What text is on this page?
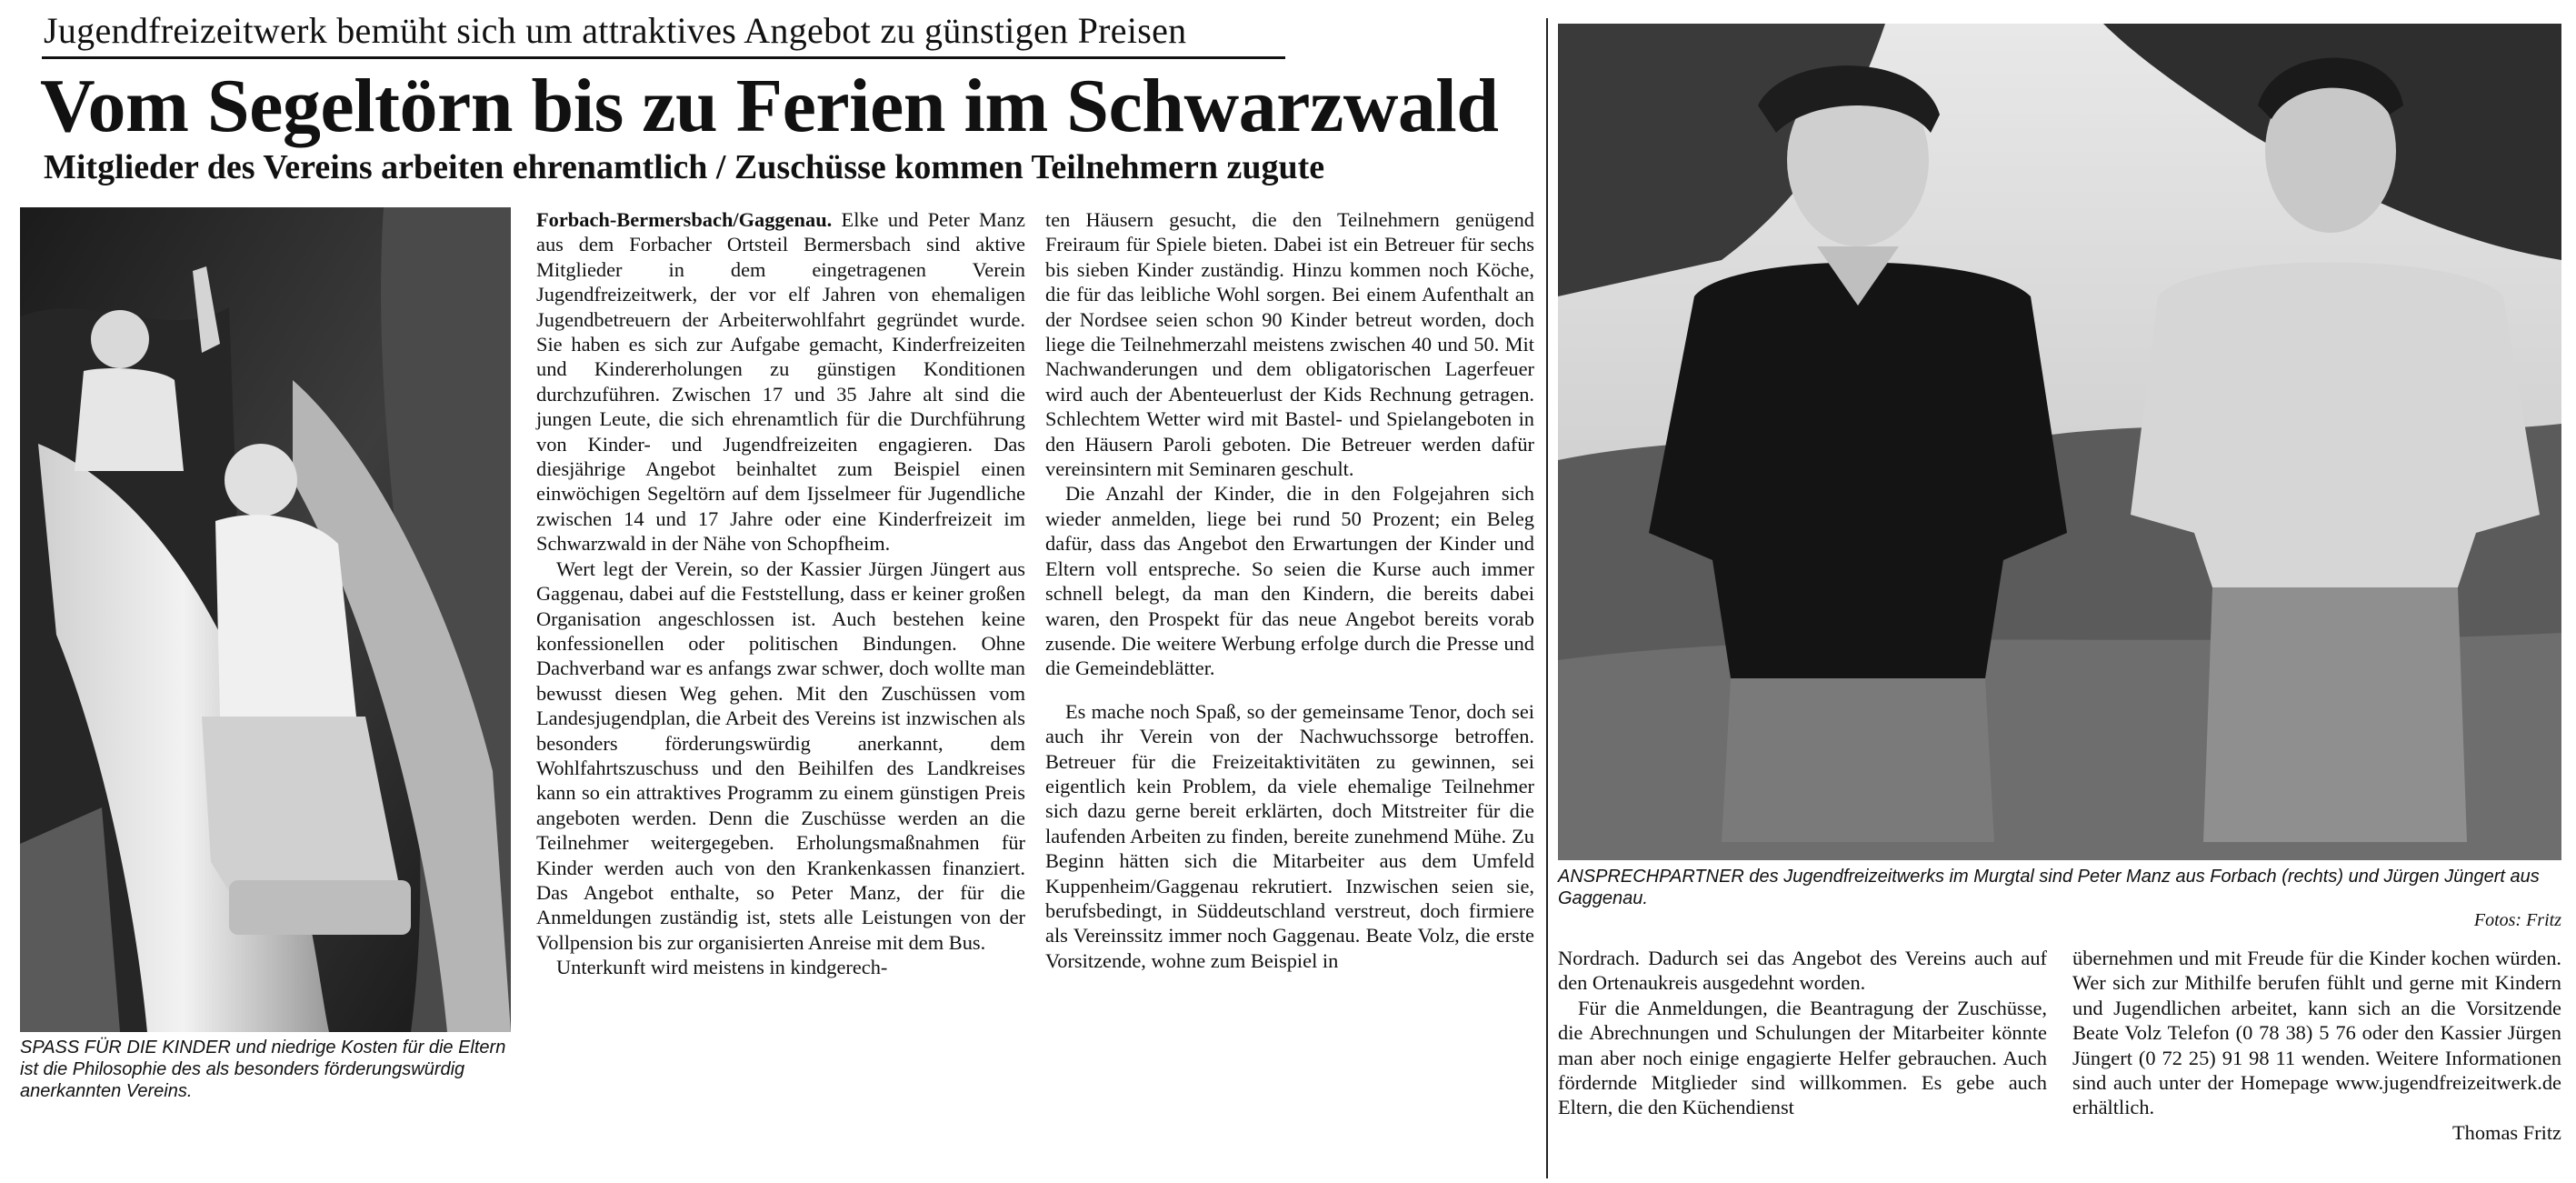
Jugendfreizeitwerk bemüht sich um attraktives Angebot zu günstigen Preisen
Vom Segeltörn bis zu Ferien im Schwarzwald
Mitglieder des Vereins arbeiten ehrenamtlich / Zuschüsse kommen Teilnehmern zugute
SPASS FÜR DIE KINDER und niedrige Kosten für die Eltern ist die Philosophie des als besonders förderungswürdig anerkannten Vereins.

Forbach-Bermersbach/Gaggenau. Elke und Peter Manz aus dem Forbacher Ortsteil Bermersbach sind aktive Mitglieder in dem eingetragenen Verein Jugendfreizeitwerk, der vor elf Jahren von ehemaligen Jugendbetreuern der Arbeiterwohlfahrt gegründet wurde. Sie haben es sich zur Aufgabe gemacht, Kinderfreizeiten und Kindererholungen zu günstigen Konditionen durchzuführen. Zwischen 17 und 35 Jahre alt sind die jungen Leute, die sich ehrenamtlich für die Durchführung von Kinder- und Jugendfreizeiten engagieren. Das diesjährige Angebot beinhaltet zum Beispiel einen einwöchigen Segeltörn auf dem Ijsselmeer für Jugendliche zwischen 14 und 17 Jahre oder eine Kinderfreizeit im Schwarzwald in der Nähe von Schopfheim.

Wert legt der Verein, so der Kassier Jürgen Jüngert aus Gaggenau, dabei auf die Feststellung, dass er keiner großen Organisation angeschlossen ist. Auch bestehen keine konfessionellen oder politischen Bindungen. Ohne Dachverband war es anfangs zwar schwer, doch wollte man bewusst diesen Weg gehen. Mit den Zuschüssen vom Landesjugendplan, die Arbeit des Vereins ist inzwischen als besonders förderungswürdig anerkannt, dem Wohlfahrtszuschuss und den Beihilfen des Landkreises kann so ein attraktives Programm zu einem günstigen Preis angeboten werden. Denn die Zuschüsse werden an die Teilnehmer weitergegeben. Erholungsmaßnahmen für Kinder werden auch von den Krankenkassen finanziert. Das Angebot enthalte, so Peter Manz, der für die Anmeldungen zuständig ist, stets alle Leistungen von der Vollpension bis zur organisierten Anreise mit dem Bus.

Unterkunft wird meistens in kindgerech-

ten Häusern gesucht, die den Teilnehmern genügend Freiraum für Spiele bieten. Dabei ist ein Betreuer für sechs bis sieben Kinder zuständig. Hinzu kommen noch Köche, die für das leibliche Wohl sorgen. Bei einem Aufenthalt an der Nordsee seien schon 90 Kinder betreut worden, doch liege die Teilnehmerzahl meistens zwischen 40 und 50. Mit Nachwanderungen und dem obligatorischen Lagerfeuer wird auch der Abenteuerlust der Kids Rechnung getragen. Schlechtem Wetter wird mit Bastel- und Spielangeboten in den Häusern Paroli geboten. Die Betreuer werden dafür vereinsintern mit Seminaren geschult.

Die Anzahl der Kinder, die in den Folgejahren sich wieder anmelden, liege bei rund 50 Prozent; ein Beleg dafür, dass das Angebot den Erwartungen der Kinder und Eltern voll entspreche. So seien die Kurse auch immer schnell belegt, da man den Kindern, die bereits dabei waren, den Prospekt für das neue Angebot bereits vorab zusende. Die weitere Werbung erfolge durch die Presse und die Gemeindeblätter.

Es mache noch Spaß, so der gemeinsame Tenor, doch sei auch ihr Verein von der Nachwuchssorge betroffen. Betreuer für die Freizeitaktivitäten zu gewinnen, sei eigentlich kein Problem, da viele ehemalige Teilnehmer sich dazu gerne bereit erklärten, doch Mitstreiter für die laufenden Arbeiten zu finden, bereite zunehmend Mühe. Zu Beginn hätten sich die Mitarbeiter aus dem Umfeld Kuppenheim/Gaggenau rekrutiert. Inzwischen seien sie, berufsbedingt, in Süddeutschland verstreut, doch firmiere als Vereinssitz immer noch Gaggenau. Beate Volz, die erste Vorsitzende, wohne zum Beispiel in

ANSPRECHPARTNER des Jugendfreizeitwerks im Murgtal sind Peter Manz aus Forbach (rechts) und Jürgen Jüngert aus Gaggenau.
Fotos: Fritz

Nordrach. Dadurch sei das Angebot des Vereins auch auf den Ortenaukreis ausgedehnt worden.

Für die Anmeldungen, die Beantragung der Zuschüsse, die Abrechnungen und Schulungen der Mitarbeiter könnte man aber noch einige engagierte Helfer gebrauchen. Auch fördernde Mitglieder sind willkommen. Es gebe auch Eltern, die den Küchendienst

übernehmen und mit Freude für die Kinder kochen würden. Wer sich zur Mithilfe berufen fühlt und gerne mit Kindern und Jugendlichen arbeitet, kann sich an die Vorsitzende Beate Volz Telefon (0 78 38) 5 76 oder den Kassier Jürgen Jüngert (0 72 25) 91 98 11 wenden. Weitere Informationen sind auch unter der Homepage www.jugendfreizeitwerk.de erhältlich.

Thomas Fritz
